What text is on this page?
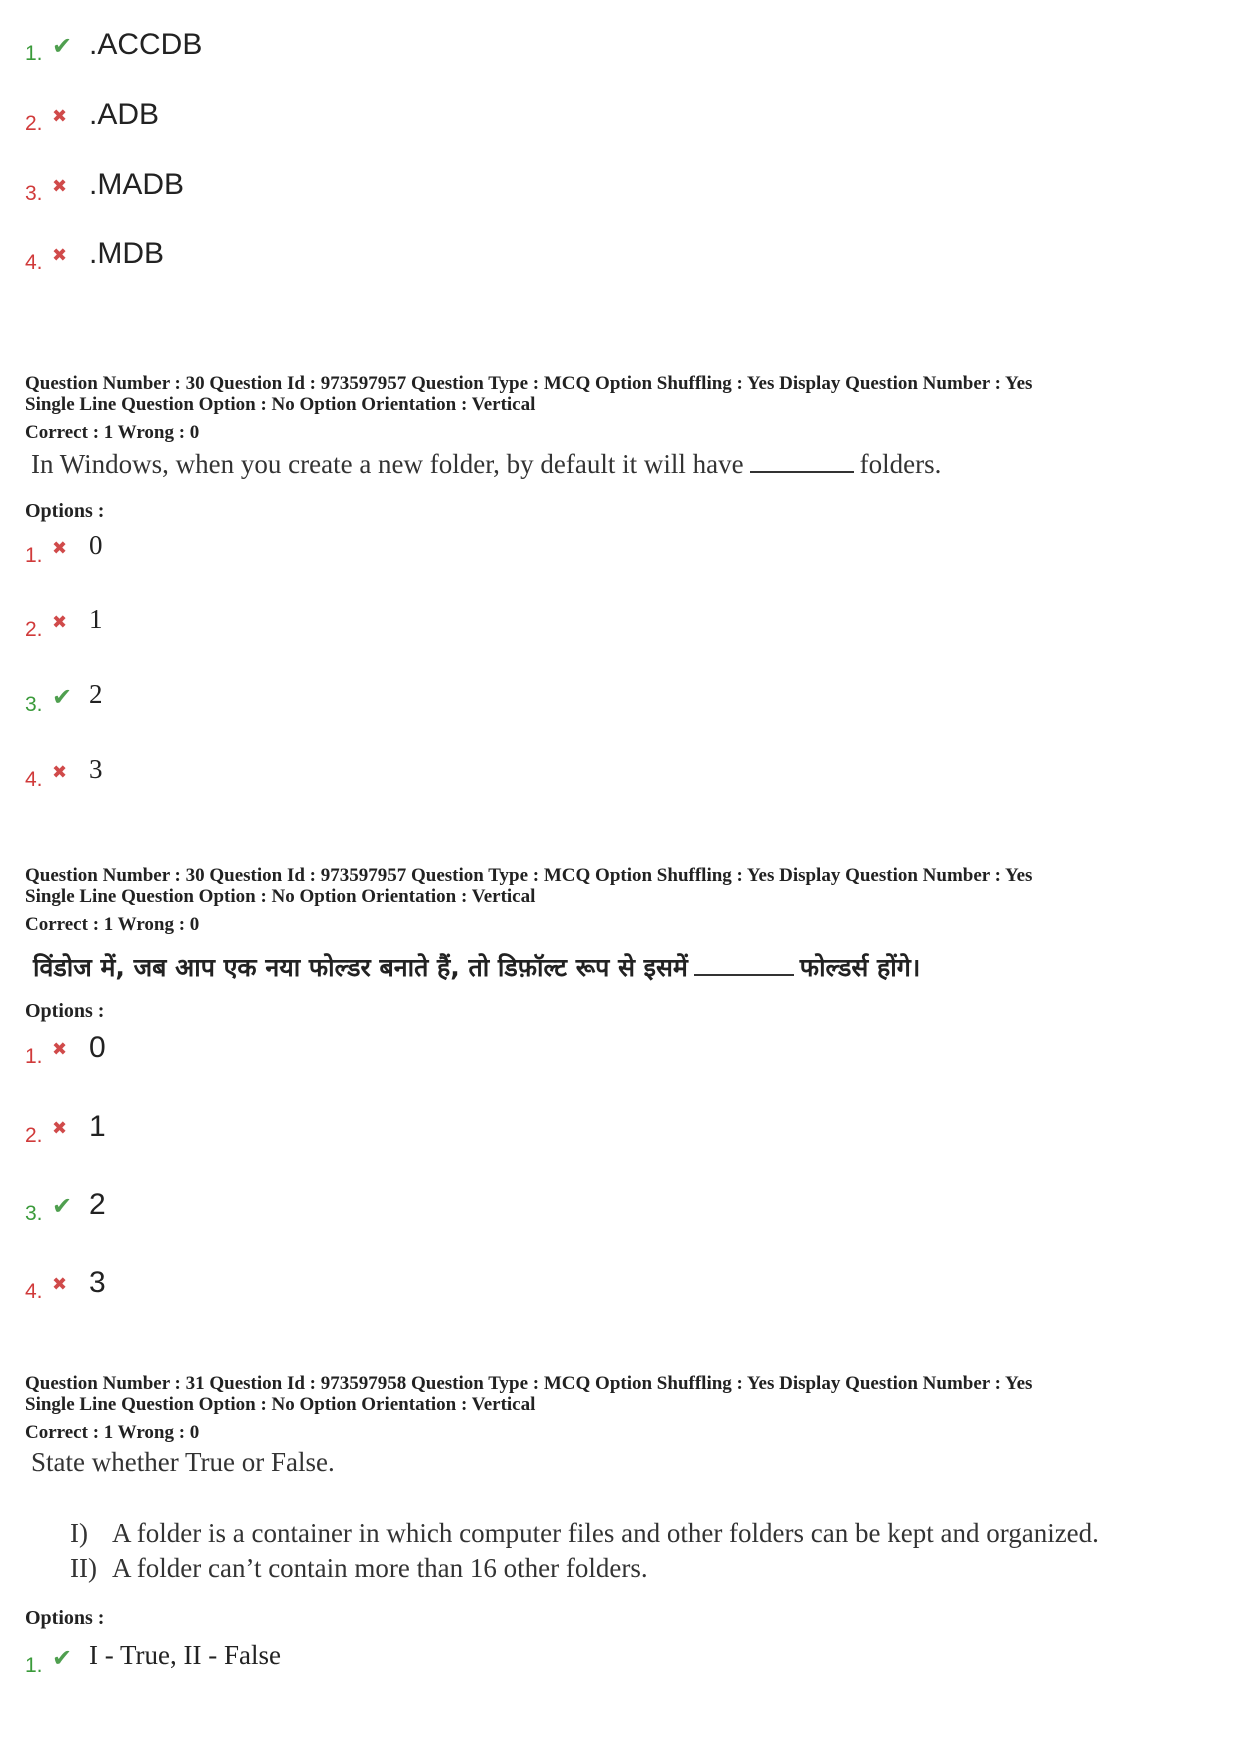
1. ✔ .ACCDB
2. ✖ .ADB
3. ✖ .MADB
4. ✖ .MDB
Question Number : 30 Question Id : 973597957 Question Type : MCQ Option Shuffling : Yes Display Question Number : Yes
Single Line Question Option : No Option Orientation : Vertical
Correct : 1 Wrong : 0
In Windows, when you create a new folder, by default it will have	folders.
Options :
1. ✖ 0
2. ✖ 1
3. ✔ 2
4. ✖ 3
Question Number : 30 Question Id : 973597957 Question Type : MCQ Option Shuffling : Yes Display Question Number : Yes
Single Line Question Option : No Option Orientation : Vertical
Correct : 1 Wrong : 0
विंडोज में, जब आप एक नया फोल्डर बनाते हैं, तो डिफ़ॉल्ट रूप से इसमें	फोल्डर्स होंगे।
Options :
1. ✖ 0
2. ✖ 1
3. ✔ 2
4. ✖ 3
Question Number : 31 Question Id : 973597958 Question Type : MCQ Option Shuffling : Yes Display Question Number : Yes
Single Line Question Option : No Option Orientation : Vertical
Correct : 1 Wrong : 0
State whether True or False.
I) A folder is a container in which computer files and other folders can be kept and organized.
II) A folder can’t contain more than 16 other folders.
Options :
1. ✔ I - True, II - False
